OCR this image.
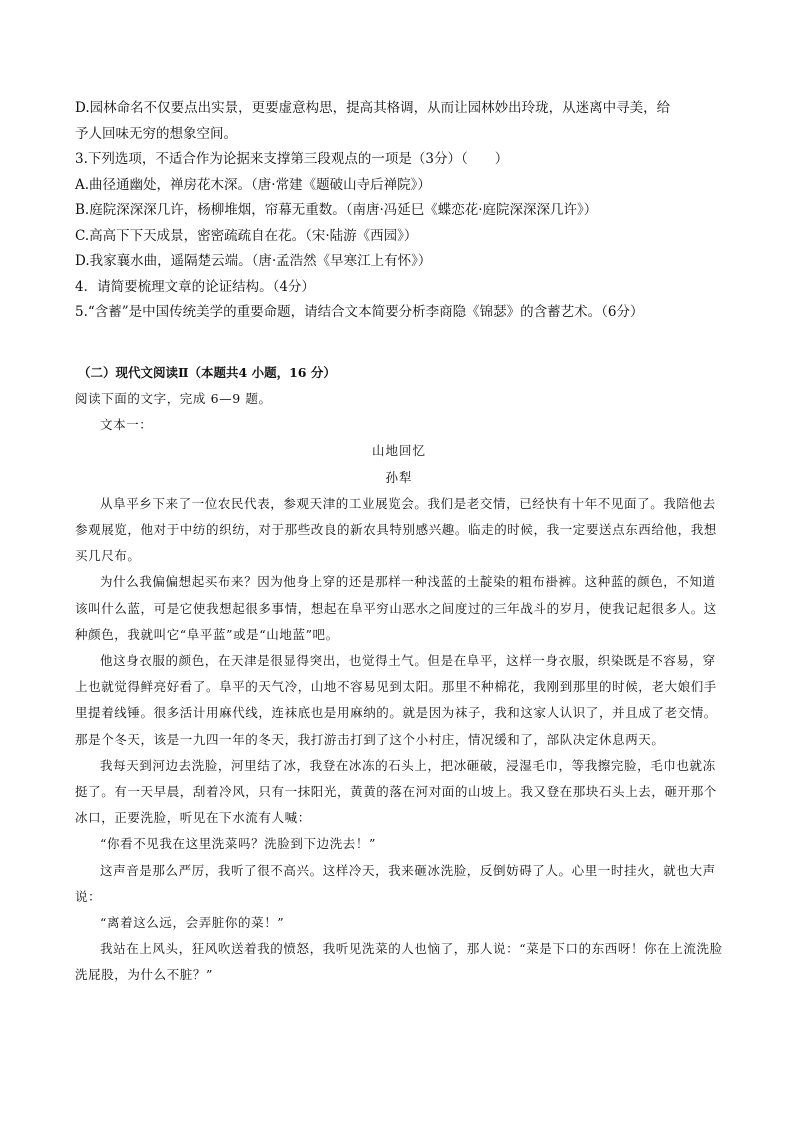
D.园林命名不仅要点出实景，更要虚意构思，提高其格调，从而让园林妙出玲珑，从迷离中寻美，给
予人回味无穷的想象空间。

3.下列选项，不适合作为论据来支撑第三段观点的一项是（3分）（　　）

A.曲径通幽处，禅房花木深。（唐·常建《题破山寺后禅院》）

B.庭院深深深几许，杨柳堆烟，帘幕无重数。（南唐·冯延巳《蝶恋花·庭院深深深几许》）

C.高高下下天成景，密密疏疏自在花。（宋·陆游《西园》）

D.我家襄水曲，遥隔楚云端。（唐·孟浩然《早寒江上有怀》）

4．请简要梳理文章的论证结构。（4分）

5.“含蓄”是中国传统美学的重要命题，请结合文本简要分析李商隐《锦瑟》的含蓄艺术。（6分）

（二）现代文阅读Ⅱ（本题共4 小题，16 分）

阅读下面的文字，完成 6—9 题。

文本一：

山地回忆

孙犁

从阜平乡下来了一位农民代表，参观天津的工业展览会。我们是老交情，已经快有十年不见面了。我陪他去参观展览，他对于中纺的织纺，对于那些改良的新农具特别感兴趣。临走的时候，我一定要送点东西给他，我想买几尺布。

为什么我偏偏想起买布来？因为他身上穿的还是那样一种浅蓝的土靛染的粗布褂裤。这种蓝的颜色，不知道该叫什么蓝，可是它使我想起很多事情，想起在阜平穷山恶水之间度过的三年战斗的岁月，使我记起很多人。这种颜色，我就叫它“阜平蓝”或是“山地蓝”吧。

他这身衣服的颜色，在天津是很显得突出，也觉得土气。但是在阜平，这样一身衣服，织染既是不容易，穿上也就觉得鲜亮好看了。阜平的天气冷，山地不容易见到太阳。那里不种棉花，我刚到那里的时候，老大娘们手里提着线锤。很多活计用麻代线，连袜底也是用麻纳的。就是因为袜子，我和这家人认识了，并且成了老交情。那是个冬天，该是一九四一年的冬天，我打游击打到了这个小村庄，情况缓和了，部队决定休息两天。

我每天到河边去洗脸，河里结了冰，我登在冰冻的石头上，把冰砸破，浸湿毛巾，等我擦完脸，毛巾也就冻挺了。有一天早晨，刮着冷风，只有一抹阳光，黄黄的落在河对面的山坡上。我又登在那块石头上去，砸开那个冰口，正要洗脸，听见在下水流有人喊：

“你看不见我在这里洗菜吗？洗脸到下边洗去！”

这声音是那么严厉，我听了很不高兴。这样冷天，我来砸冰洗脸，反倒妨碍了人。心里一时挂火，就也大声说：

“离着这么远，会弄脏你的菜！”

我站在上风头，狂风吹送着我的愤怒，我听见洗菜的人也恼了，那人说：“菜是下口的东西呀！你在上流洗脸洗屁股，为什么不脏？”
